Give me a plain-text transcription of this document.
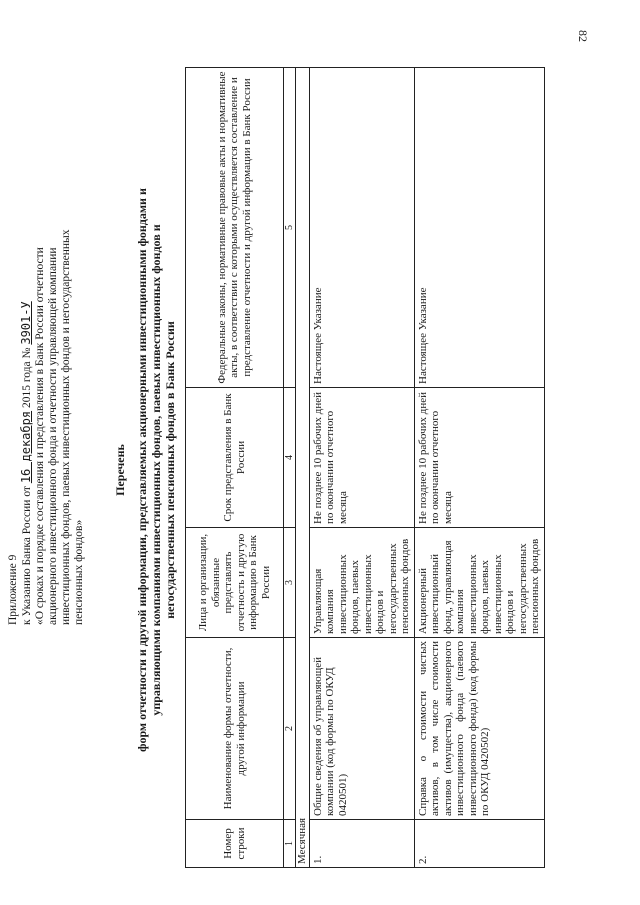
82
Приложение 9 к Указанию Банка России от 16 декабря 2015 года № 3901-У «О сроках и порядке составления и представления в Банк России отчетности акционерного инвестиционного фонда и отчетности управляющей компании инвестиционных фондов, паевых инвестиционных фондов и негосударственных пенсионных фондов»
Перечень форм отчетности и другой информации, представляемых акционерными инвестиционными фондами и управляющими компаниями инвестиционных фондов, паевых инвестиционных фондов и негосударственных пенсионных фондов в Банк России
Номер строки	Наименование формы отчетности, другой информации	Лица и организации, обязанные представлять отчетность и другую информацию в Банк России	Срок представления в Банк России	Федеральные законы, нормативные правовые акты и нормативные акты, в соответствии с которыми осуществляется составление и представление отчетности и другой информации в Банк России
1	2	3	4	5
Месячная				
1.	Общие сведения об управляющей компании (код формы по ОКУД 0420501)	Управляющая компания инвестиционных фондов, паевых инвестиционных фондов и негосударственных пенсионных фондов	Не позднее 10 рабочих дней по окончании отчетного месяца	Настоящее Указание
2.	Справка о стоимости чистых активов, в том числе стоимости активов (имущества), акционерного инвестиционного фонда (паевого инвестиционного фонда) (код формы по ОКУД 0420502)	Акционерный инвестиционный фонд, управляющая компания инвестиционных фондов, паевых инвестиционных фондов и негосударственных пенсионных фондов	Не позднее 10 рабочих дней по окончании отчетного месяца	Настоящее Указание
